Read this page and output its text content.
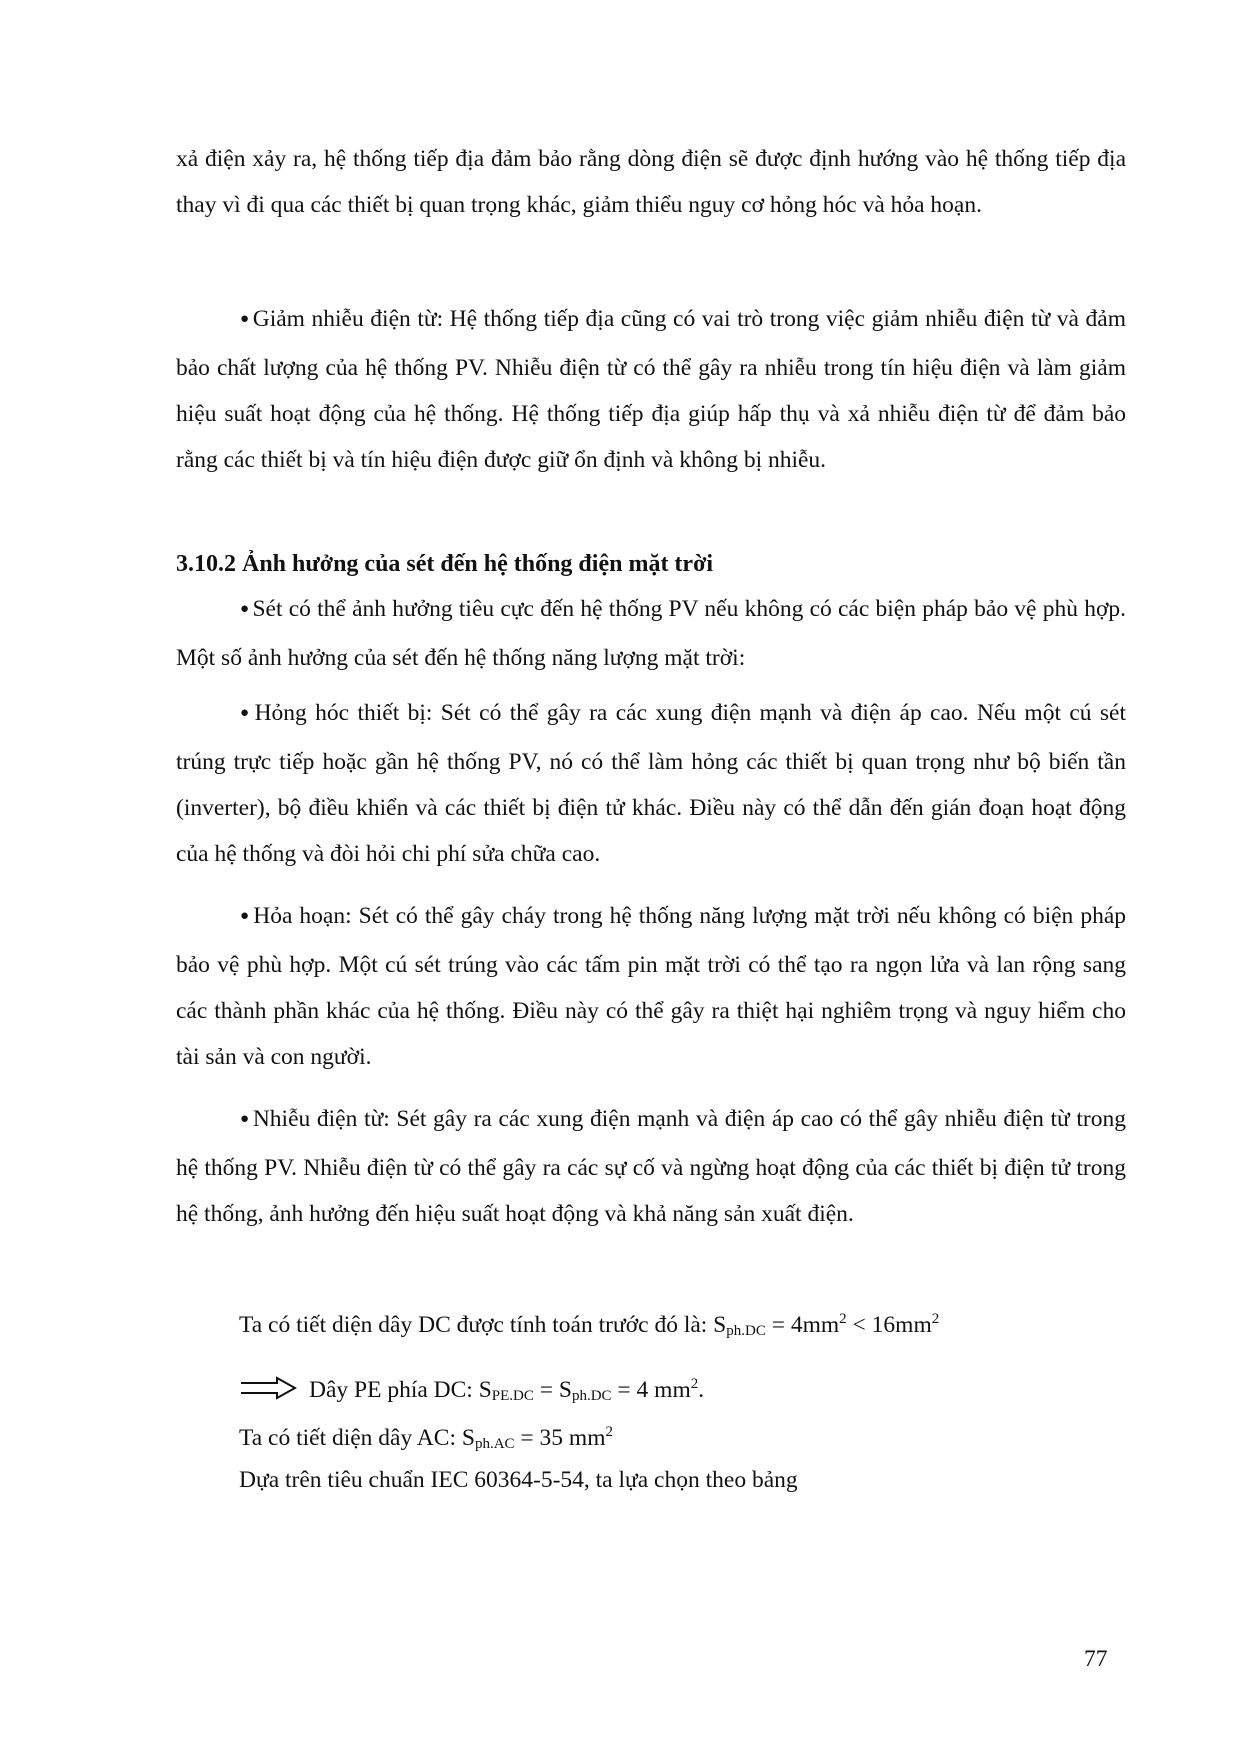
xả điện xảy ra, hệ thống tiếp địa đảm bảo rằng dòng điện sẽ được định hướng vào hệ thống tiếp địa thay vì đi qua các thiết bị quan trọng khác, giảm thiểu nguy cơ hỏng hóc và hỏa hoạn.

● Giảm nhiễu điện từ: Hệ thống tiếp địa cũng có vai trò trong việc giảm nhiễu điện từ và đảm bảo chất lượng của hệ thống PV. Nhiễu điện từ có thể gây ra nhiễu trong tín hiệu điện và làm giảm hiệu suất hoạt động của hệ thống. Hệ thống tiếp địa giúp hấp thụ và xả nhiễu điện từ để đảm bảo rằng các thiết bị và tín hiệu điện được giữ ổn định và không bị nhiễu.

3.10.2 Ảnh hưởng của sét đến hệ thống điện mặt trời

● Sét có thể ảnh hưởng tiêu cực đến hệ thống PV nếu không có các biện pháp bảo vệ phù hợp. Một số ảnh hưởng của sét đến hệ thống năng lượng mặt trời:

● Hỏng hóc thiết bị: Sét có thể gây ra các xung điện mạnh và điện áp cao. Nếu một cú sét trúng trực tiếp hoặc gần hệ thống PV, nó có thể làm hỏng các thiết bị quan trọng như bộ biến tần (inverter), bộ điều khiển và các thiết bị điện tử khác. Điều này có thể dẫn đến gián đoạn hoạt động của hệ thống và đòi hỏi chi phí sửa chữa cao.

● Hỏa hoạn: Sét có thể gây cháy trong hệ thống năng lượng mặt trời nếu không có biện pháp bảo vệ phù hợp. Một cú sét trúng vào các tấm pin mặt trời có thể tạo ra ngọn lửa và lan rộng sang các thành phần khác của hệ thống. Điều này có thể gây ra thiệt hại nghiêm trọng và nguy hiểm cho tài sản và con người.

● Nhiễu điện từ: Sét gây ra các xung điện mạnh và điện áp cao có thể gây nhiễu điện từ trong hệ thống PV. Nhiễu điện từ có thể gây ra các sự cố và ngừng hoạt động của các thiết bị điện tử trong hệ thống, ảnh hưởng đến hiệu suất hoạt động và khả năng sản xuất điện.

Ta có tiết diện dây DC được tính toán trước đó là: $S_{ph.DC} = 4mm^2 < 16mm^2$

Dây PE phía DC: $S_{PE.DC} = S_{ph.DC} = 4$ $mm^2$.

Ta có tiết diện dây AC: $S_{ph.AC} = 35$ $mm^2$

Dựa trên tiêu chuẩn IEC 60364-5-54, ta lựa chọn theo bảng

77
